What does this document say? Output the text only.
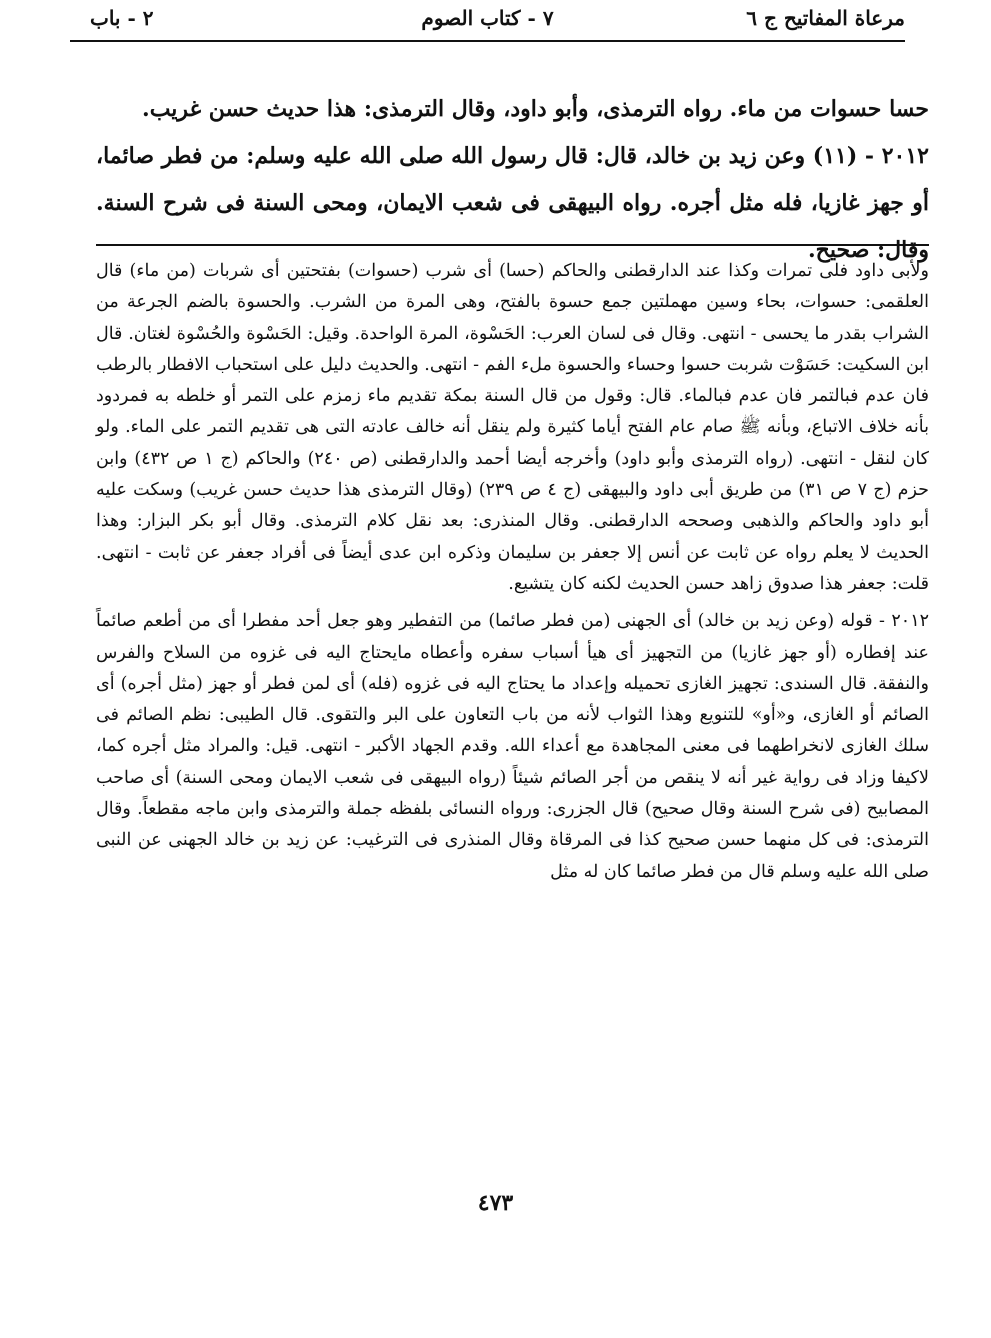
مرعاة المفاتيح ج ٦
٧ - كتاب الصوم
٢ - باب

حسا حسوات من ماء. رواه الترمذى، وأبو داود، وقال الترمذى: هذا حديث حسن غريب.

٢٠١٢ - (١١) وعن زيد بن خالد، قال: قال رسول الله صلى الله عليه وسلم: من فطر صائما، أو جهز غازيا، فله مثل أجره. رواه البيهقى فى شعب الايمان، ومحى السنة فى شرح السنة. وقال: صحيح.

ولأبى داود فلى تمرات وكذا عند الدارقطنى والحاكم (حسا) أى شرب (حسوات) بفتحتين أى شربات (من ماء) قال العلقمى: حسوات، بحاء وسين مهملتين جمع حسوة بالفتح، وهى المرة من الشرب. والحسوة بالضم الجرعة من الشراب بقدر ما يحسى - انتهى. وقال فى لسان العرب: الحَسْوة، المرة الواحدة. وقيل: الحَسْوة والحُسْوة لغتان. قال ابن السكيت: حَسَوْت شربت حسوا وحساء والحسوة ملء الفم - انتهى. والحديث دليل على استحباب الافطار بالرطب فان عدم فبالتمر فان عدم فبالماء. قال: وقول من قال السنة بمكة تقديم ماء زمزم على التمر أو خلطه به فمردود بأنه خلاف الاتباع، وبأنه ﷺ صام عام الفتح أياما كثيرة ولم ينقل أنه خالف عادته التى هى تقديم التمر على الماء. ولو كان لنقل - انتهى. (رواه الترمذى وأبو داود) وأخرجه أيضا أحمد والدارقطنى (ص ٢٤٠) والحاكم (ج ١ ص ٤٣٢) وابن حزم (ج ٧ ص ٣١) من طريق أبى داود والبيهقى (ج ٤ ص ٢٣٩) (وقال الترمذى هذا حديث حسن غريب) وسكت عليه أبو داود والحاكم والذهبى وصححه الدارقطنى. وقال المنذرى: بعد نقل كلام الترمذى. وقال أبو بكر البزار: وهذا الحديث لا يعلم رواه عن ثابت عن أنس إلا جعفر بن سليمان وذكره ابن عدى أيضاً فى أفراد جعفر عن ثابت - انتهى. قلت: جعفر هذا صدوق زاهد حسن الحديث لكنه كان يتشيع.

٢٠١٢ - قوله (وعن زيد بن خالد) أى الجهنى (من فطر صائما) من التفطير وهو جعل أحد مفطرا أى من أطعم صائماً عند إفطاره (أو جهز غازيا) من التجهيز أى هيأ أسباب سفره وأعطاه مايحتاج اليه فى غزوه من السلاح والفرس والنفقة. قال السندى: تجهيز الغازى تحميله وإعداد ما يحتاج اليه فى غزوه (فله) أى لمن فطر أو جهز (مثل أجره) أى الصائم أو الغازى، و«أو» للتنويع وهذا الثواب لأنه من باب التعاون على البر والتقوى. قال الطيبى: نظم الصائم فى سلك الغازى لانخراطهما فى معنى المجاهدة مع أعداء الله. وقدم الجهاد الأكبر - انتهى. قيل: والمراد مثل أجره كما، لاكيفا وزاد فى رواية غير أنه لا ينقص من أجر الصائم شيئاً (رواه البيهقى فى شعب الايمان ومحى السنة) أى صاحب المصابيح (فى شرح السنة وقال صحيح) قال الجزرى: ورواه النسائى بلفظه جملة والترمذى وابن ماجه مقطعاً. وقال الترمذى: فى كل منهما حسن صحيح كذا فى المرقاة وقال المنذرى فى الترغيب: عن زيد بن خالد الجهنى عن النبى صلى الله عليه وسلم قال من فطر صائما كان له مثل

٤٧٣
